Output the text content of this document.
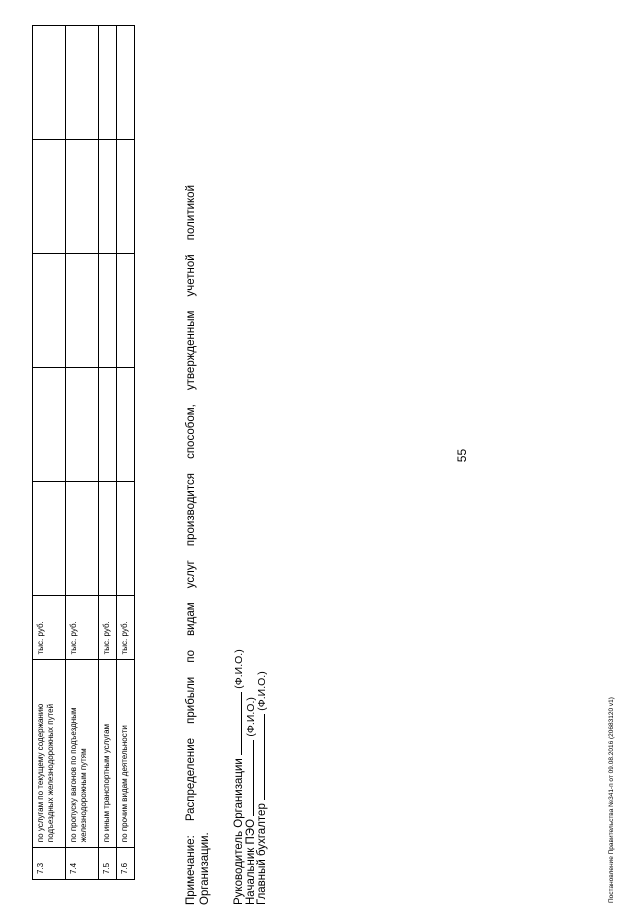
55
7.3	по услугам по текущему содержанию подъездных железнодорожных путей	тыс. руб.					
7.4	по пропуску вагонов по подъездным железнодорожным путям	тыс. руб.					
7.5	по иным транспортным услугам	тыс. руб.					
7.6	по прочим видам деятельности	тыс. руб.					
Примечание:
Распределение
прибыли
по
видам
услуг
производится
способом,
утвержденным
учетной
политикой
Организации. Руководитель Организации  (Ф.И.О.)
Начальник ПЭО  (Ф.И.О.)
Главный бухгалтер  (Ф.И.О.)
Постановление Правительства №341-п от 09.08.2016 (20683120 v1)
